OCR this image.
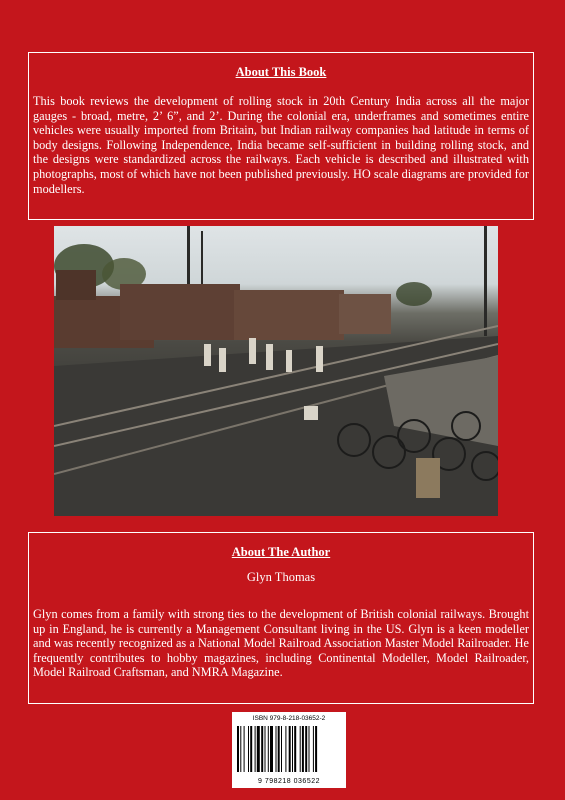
About This Book
This book reviews the development of rolling stock in 20th Century India across all the major gauges - broad, metre, 2’ 6”, and 2’. During the colonial era, underframes and sometimes entire vehicles were usually imported from Britain, but Indian railway companies had latitude in terms of body designs. Following Independence, India became self-sufficient in building rolling stock, and the designs were standardized across the railways. Each vehicle is described and illustrated with photographs, most of which have not been published previously. HO scale diagrams are provided for modellers.
About The Author
Glyn Thomas
Glyn comes from a family with strong ties to the development of British colonial railways. Brought up in England, he is currently a Management Consultant living in the US. Glyn is a keen modeller and was recently recognized as a National Model Railroad Association Master Model Railroader. He frequently contributes to hobby magazines, including Continental Modeller, Model Railroader, Model Railroad Craftsman, and NMRA Magazine.
ISBN 979-8-218-03652-2
9 798218 036522
